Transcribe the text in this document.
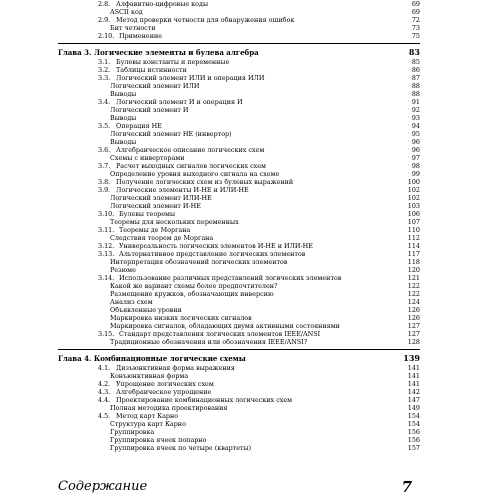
2.8. Алфавитно-цифровые коды	69
ASCII код	69
2.9. Метод проверки четности для обнаружения ошибок	72
Бит четности	73
2.10. Применение	75
Глава 3. Логические элементы и булева алгебра	83
3.1. Булевы константы и переменные	85
3.2. Таблицы истинности	86
3.3. Логический элемент ИЛИ и операция ИЛИ	87
Логический элемент ИЛИ	88
Выводы	88
3.4. Логический элемент И и операция И	91
Логический элемент И	92
Выводы	93
3.5. Операция НЕ	94
Логический элемент НЕ (инвертор)	95
Выводы	96
3.6. Алгебраическое описание логических схем	96
Схемы с инверторами	97
3.7. Расчет выходных сигналов логических схем	98
Определение уровня выходного сигнала на схеме	99
3.8. Получение логических схем из булевых выражений	100
3.9. Логические элементы И-НЕ и ИЛИ-НЕ	102
Логический элемент ИЛИ-НЕ	102
Логический элемент И-НЕ	103
3.10. Булевы теоремы	106
Теоремы для нескольких переменных	107
3.11. Теоремы де Моргана	110
Следствия теорем де Моргана	112
3.12. Универсальность логических элементов И-НЕ и ИЛИ-НЕ	114
3.13. Альтернативное представление логических элементов	117
Интерпретация обозначений логических элементов	118
Резюме	120
3.14. Использование различных представлений логических элементов	121
Какой же вариант схемы более предпочтителен?	122
Размещение кружков, обозначающих инверсию	122
Анализ схем	124
Объявленные уровни	126
Маркировка низких логических сигналов	126
Маркировка сигналов, обладающих двумя активными состояниями	127
3.15. Стандарт представления логических элементов IEEE/ANSI	127
Традиционные обозначения или обозначения IEEE/ANSI?	128
Глава 4. Комбинационные логические схемы	139
4.1. Дизъюнктивная форма выражения	141
Конъюнктивная форма	141
4.2. Упрощение логических схем	141
4.3. Алгебраическое упрощение	142
4.4. Проектирование комбинационных логических схем	147
Полная методика проектирования	149
4.5. Метод карт Карно	154
Структура карт Карно	154
Группировка	156
Группировка ячеек попарно	156
Группировка ячеек по четыре (квартеты)	157
Содержание	7
